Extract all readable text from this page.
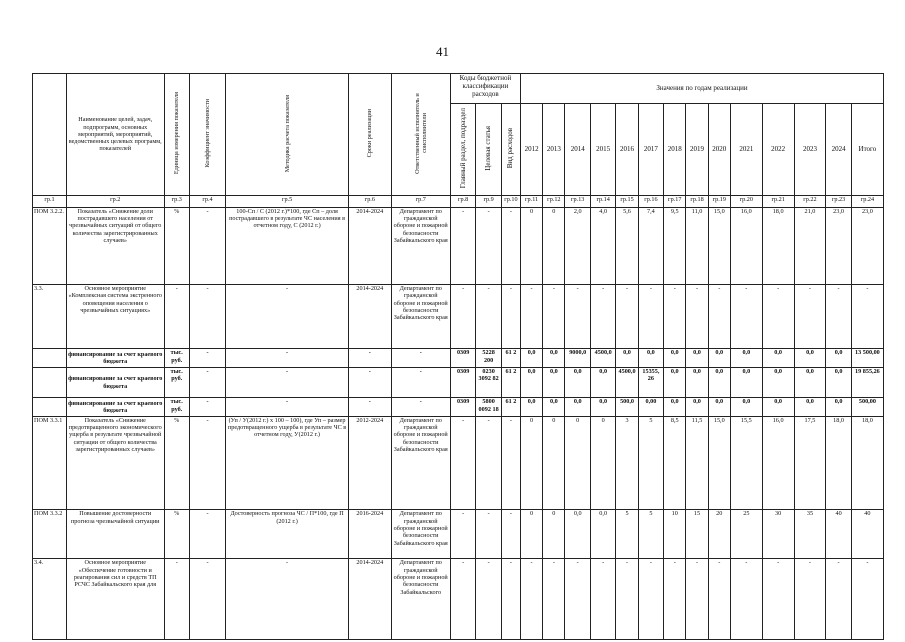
41
	Наименование целей, задач, подпрограмм, основных мероприятий, мероприятий, ведомственных целевых программ, показателей	Единица измерения показателя	Коэффициент значимости	Методика расчета показателя	Сроки реализации	Ответственный исполнитель и соисполнители	Коды бюджетной классификации расходов			Значения по годам реализации													
							Главный раздел, подраздел	Целевая статья	Вид расходов	2012	2013	2014	2015	2016	2017	2018	2019	2020	2021	2022	2023	2024	Итого
гр.1	гр.2	гр.3	гр.4	гр.5	гр.6	гр.7	гр.8	гр.9	гр.10	гр.11	гр.12	гр.13	гр.14	гр.15	гр.16	гр.17	гр.18	гр.19	гр.20	гр.21	гр.22	гр.23	гр.24
ПОМ 3.2.2.	Показатель «Снижение доли пострадавшего населения от чрезвычайных ситуаций от общего количества зарегистрированных случаев»	%	-	100-Сп / С (2012 г.)*100, где Сп – доля пострадавшего в результате ЧС населения в отчетном году, С (2012 г.)	2014-2024	Департамент по гражданской обороне и пожарной безопасности Забайкальского края	-	-	-	0	0	2,0	4,0	5,6	7,4	9,5	11,0	15,0	16,0	18,0	21,0	23,0	23,0
3.3.	Основное мероприятие «Комплексная система экстренного оповещения населения о чрезвычайных ситуациях»	-	-	-	2014-2024	Департамент по гражданской обороне и пожарной безопасности Забайкальского края	-	-	-	-	-	-	-	-	-	-	-	-	-	-	-	-	-
	финансирование за счет краевого бюджета	тыс. руб.	-	-	-	-	0309	5228 200	61 2	0,0	0,0	9000,0	4500,0	0,0	0,0	0,0	0,0	0,0	0,0	0,0	0,0	0,0	13 500,00
	финансирование за счет краевого бюджета	тыс. руб.	-	-	-	-	0309	0230 3092 82	61 2	0,0	0,0	0,0	0,0	4500,0	15355, 26	0,0	0,0	0,0	0,0	0,0	0,0	0,0	19 855,26
	финансирование за счет краевого бюджета	тыс. руб.	-	-	-	-	0309	5800 0092 18	61 2	0,0	0,0	0,0	0,0	500,0	0,00	0,0	0,0	0,0	0,0	0,0	0,0	0,0	500,00
ПОМ 3.3.1	Показатель «Снижение предотвращенного экономического ущерба в результате чрезвычайной ситуации от общего количества зарегистрированных случаев»	%	-	(Уп / У(2012 г.) х 100 – 100), где Уп – размер предотвращенного ущерба в результате ЧС в отчетном году, У(2012 г.)	2012-2024	Департамент по гражданской обороне и пожарной безопасности Забайкальского края	-	-	-	0	0	0	0	3	5	8,5	11,5	15,0	15,5	16,0	17,5	18,0	18,0
ПОМ 3.3.2	Повышение достоверности прогноза чрезвычайной ситуации	%	-	Достоверность прогноза ЧС / П*100, где П (2012 г.)	2016-2024	Департамент по гражданской обороне и пожарной безопасности Забайкальского края	-	-	-	0	0	0,0	0,0	5	5	10	15	20	25	30	35	40	40
3.4.	Основное мероприятие «Обеспечение готовности и реагирования сил и средств ТП РСЧС Забайкальского края для	-	-	-	2014-2024	Департамент по гражданской обороне и пожарной безопасности Забайкальского	-	-	-	-	-	-	-	-	-	-	-	-	-	-	-	-	-
